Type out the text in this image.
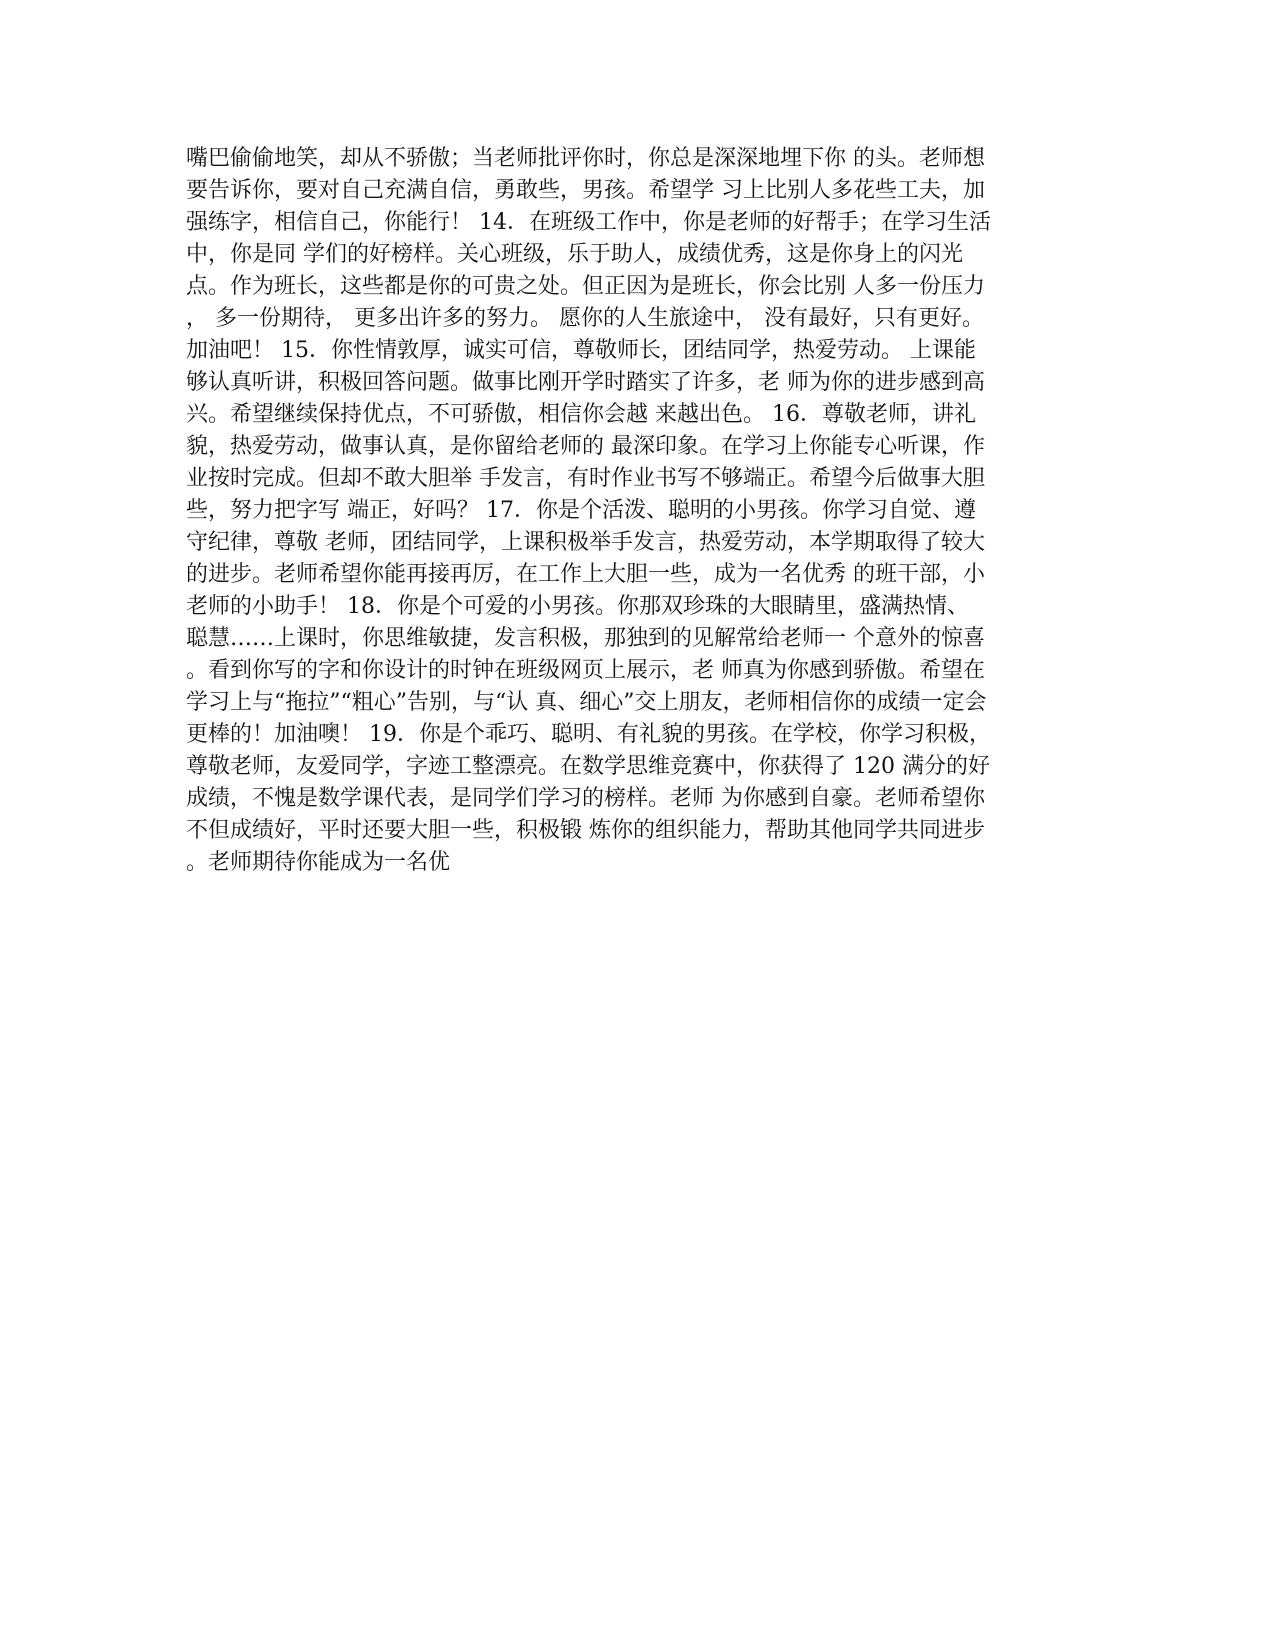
嘴巴偷偷地笑，却从不骄傲；当老师批评你时，你总是深深地埋下你 的头。老师想
要告诉你，要对自己充满自信，勇敢些，男孩。希望学 习上比别人多花些工夫，加
强练字，相信自己，你能行！ 14．在班级工作中，你是老师的好帮手；在学习生活
中，你是同 学们的好榜样。关心班级，乐于助人，成绩优秀，这是你身上的闪光
点。作为班长，这些都是你的可贵之处。但正因为是班长，你会比别 人多一份压力
， 多一份期待， 更多出许多的努力。 愿你的人生旅途中， 没有最好，只有更好。
加油吧！ 15．你性情敦厚，诚实可信，尊敬师长，团结同学，热爱劳动。 上课能
够认真听讲，积极回答问题。做事比刚开学时踏实了许多，老 师为你的进步感到高
兴。希望继续保持优点，不可骄傲，相信你会越 来越出色。 16．尊敬老师，讲礼
貌，热爱劳动，做事认真，是你留给老师的 最深印象。在学习上你能专心听课，作
业按时完成。但却不敢大胆举 手发言，有时作业书写不够端正。希望今后做事大胆
些，努力把字写 端正，好吗？ 17．你是个活泼、聪明的小男孩。你学习自觉、遵
守纪律，尊敬 老师，团结同学，上课积极举手发言，热爱劳动，本学期取得了较大
的进步。老师希望你能再接再厉，在工作上大胆一些，成为一名优秀 的班干部，小
老师的小助手！ 18．你是个可爱的小男孩。你那双珍珠的大眼睛里，盛满热情、
聪慧……上课时，你思维敏捷，发言积极，那独到的见解常给老师一 个意外的惊喜
。看到你写的字和你设计的时钟在班级网页上展示，老 师真为你感到骄傲。希望在
学习上与“拖拉”“粗心”告别，与“认 真、细心”交上朋友，老师相信你的成绩一定会
更棒的！加油噢！ 19．你是个乖巧、聪明、有礼貌的男孩。在学校，你学习积极，
尊敬老师，友爱同学，字迹工整漂亮。在数学思维竞赛中，你获得了 120 满分的好
成绩，不愧是数学课代表，是同学们学习的榜样。老师 为你感到自豪。老师希望你
不但成绩好，平时还要大胆一些，积极锻 炼你的组织能力，帮助其他同学共同进步
。老师期待你能成为一名优
